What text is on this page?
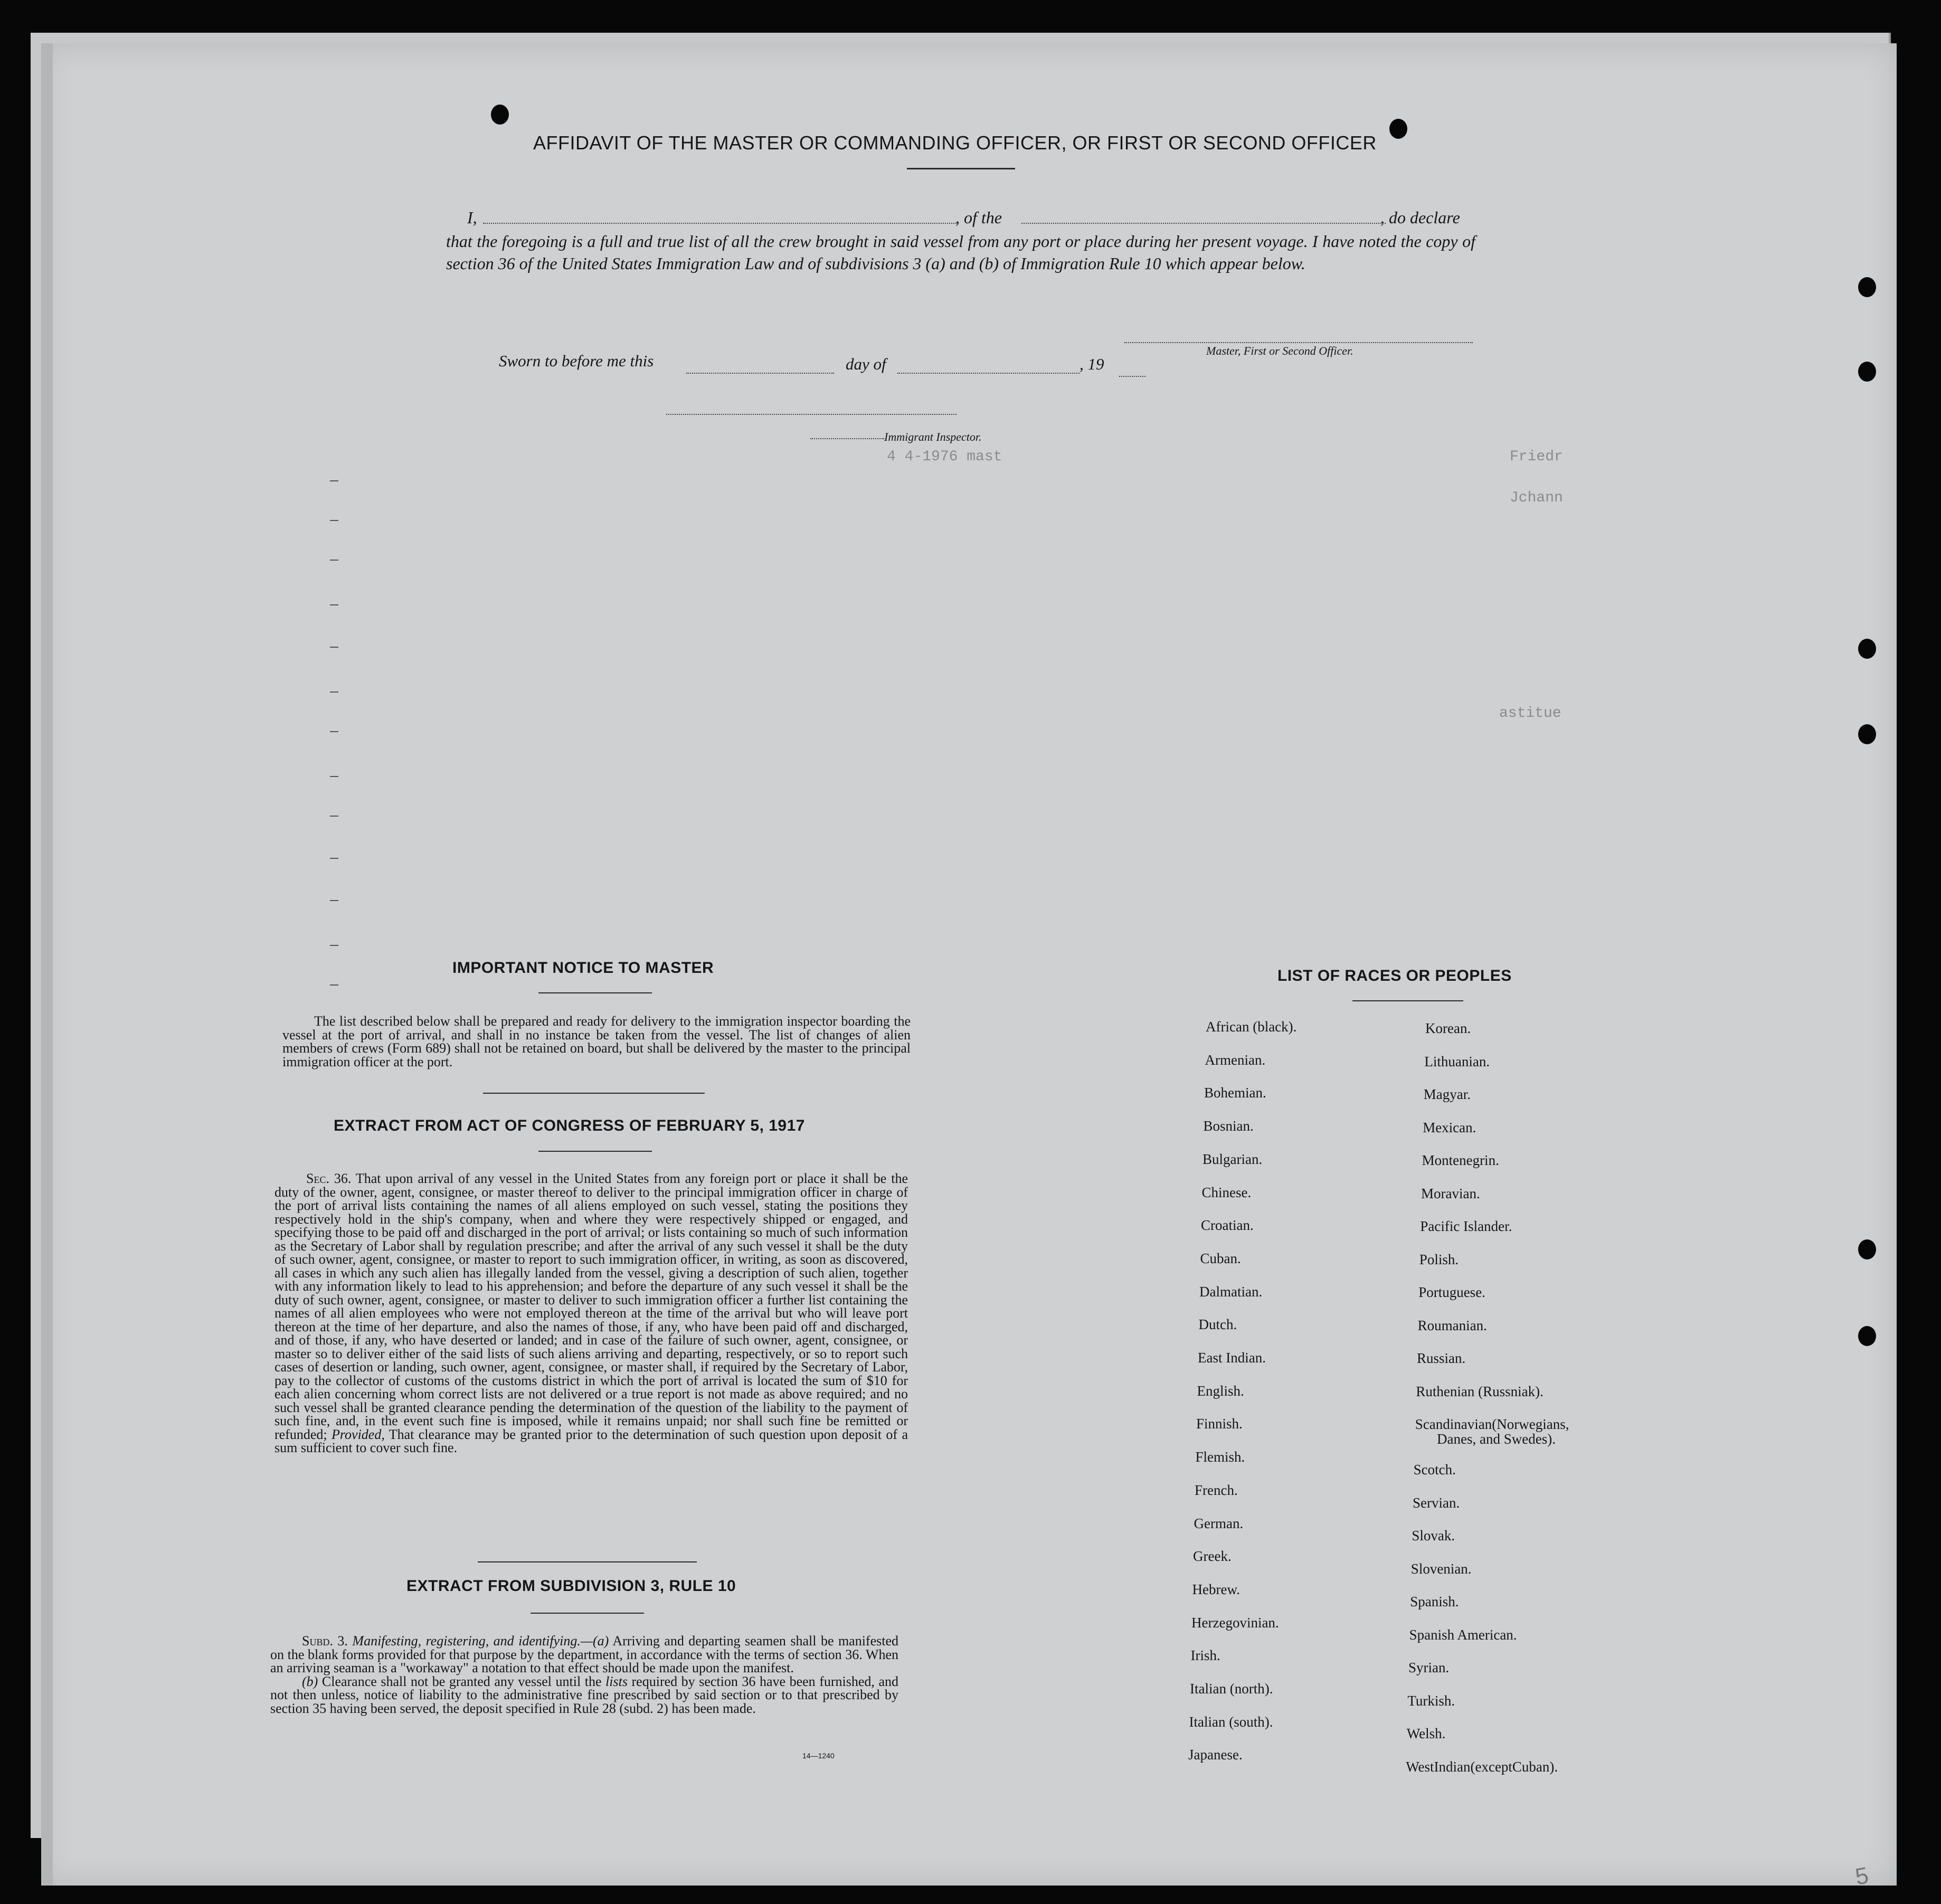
Friedr
Jchann
astitue
4 4-1976 mast
AFFIDAVIT OF THE MASTER OR COMMANDING OFFICER, OR FIRST OR SECOND OFFICER
I,	, of the	, do declare
that the foregoing is a full and true list of all the crew brought in said vessel from any port or place during her present voyage. I have noted the copy of section 36 of the United States Immigration Law and of subdivisions 3 (a) and (b) of Immigration Rule 10 which appear below.
Master, First or Second Officer.
Sworn to before me this	day of	, 19
Immigrant Inspector.
IMPORTANT NOTICE TO MASTER

The list described below shall be prepared and ready for delivery to the immigration inspector boarding the vessel at the port of arrival, and shall in no instance be taken from the vessel. The list of changes of alien members of crews (Form 689) shall not be retained on board, but shall be delivered by the master to the principal immigration officer at the port.

EXTRACT FROM ACT OF CONGRESS OF FEBRUARY 5, 1917

Sec. 36. That upon arrival of any vessel in the United States from any foreign port or place it shall be the duty of the owner, agent, consignee, or master thereof to deliver to the principal immigration officer in charge of the port of arrival lists containing the names of all aliens employed on such vessel, stating the positions they respectively hold in the ship's company, when and where they were respectively shipped or engaged, and specifying those to be paid off and discharged in the port of arrival; or lists containing so much of such information as the Secretary of Labor shall by regulation prescribe; and after the arrival of any such vessel it shall be the duty of such owner, agent, consignee, or master to report to such immigration officer, in writing, as soon as discovered, all cases in which any such alien has illegally landed from the vessel, giving a description of such alien, together with any information likely to lead to his apprehension; and before the departure of any such vessel it shall be the duty of such owner, agent, consignee, or master to deliver to such immigration officer a further list containing the names of all alien employees who were not employed thereon at the time of the arrival but who will leave port thereon at the time of her departure, and also the names of those, if any, who have been paid off and discharged, and of those, if any, who have deserted or landed; and in case of the failure of such owner, agent, consignee, or master so to deliver either of the said lists of such aliens arriving and departing, respectively, or so to report such cases of desertion or landing, such owner, agent, consignee, or master shall, if required by the Secretary of Labor, pay to the collector of customs of the customs district in which the port of arrival is located the sum of $10 for each alien concerning whom correct lists are not delivered or a true report is not made as above required; and no such vessel shall be granted clearance pending the determination of the question of the liability to the payment of such fine, and, in the event such fine is imposed, while it remains unpaid; nor shall such fine be remitted or refunded; Provided, That clearance may be granted prior to the determination of such question upon deposit of a sum sufficient to cover such fine.

EXTRACT FROM SUBDIVISION 3, RULE 10

Subd. 3. Manifesting, registering, and identifying.—(a) Arriving and departing seamen shall be manifested on the blank forms provided for that purpose by the department, in accordance with the terms of section 36. When an arriving seaman is a "workaway" a notation to that effect should be made upon the manifest.

(b) Clearance shall not be granted any vessel until the lists required by section 36 have been furnished, and not then unless, notice of liability to the administrative fine prescribed by said section or to that prescribed by section 35 having been served, the deposit specified in Rule 28 (subd. 2) has been made.

14—1240
LIST OF RACES OR PEOPLES
African (black).
Armenian.
Bohemian.
Bosnian.
Bulgarian.
Chinese.
Croatian.
Cuban.
Dalmatian.
Dutch.
East Indian.
English.
Finnish.
Flemish.
French.
German.
Greek.
Hebrew.
Herzegovinian.
Irish.
Italian (north).
Italian (south).
Japanese.
Korean.
Lithuanian.
Magyar.
Mexican.
Montenegrin.
Moravian.
Pacific Islander.
Polish.
Portuguese.
Roumanian.
Russian.
Ruthenian (Russniak).
Scandinavian(Norwegians,
Danes, and Swedes).
Scotch.
Servian.
Slovak.
Slovenian.
Spanish.
Spanish American.
Syrian.
Turkish.
Welsh.
WestIndian(exceptCuban).
5
